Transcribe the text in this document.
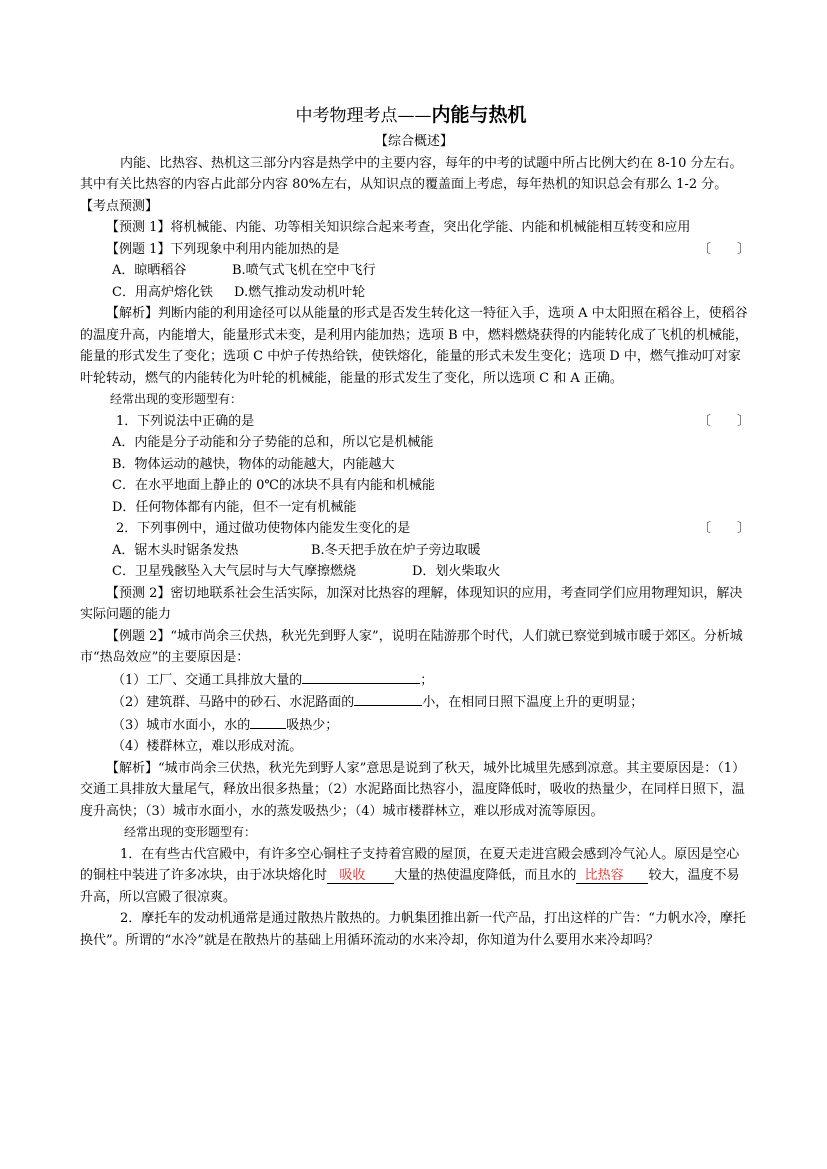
中考物理考点——内能与热机

【综合概述】

内能、比热容、热机这三部分内容是热学中的主要内容，每年的中考的试题中所占比例大约在 8-10 分左右。其中有关比热容的内容占此部分内容 80%左右，从知识点的覆盖面上考虑，每年热机的知识总会有那么 1-2 分。

【考点预测】

【预测 1】将机械能、内能、功等相关知识综合起来考查，突出化学能、内能和机械能相互转变和应用

〔　　〕
【例题 1】下列现象中利用内能加热的是

A．晾晒稻谷	B.喷气式飞机在空中飞行

C．用高炉熔化铁 D.燃气推动发动机叶轮

【解析】判断内能的利用途径可以从能量的形式是否发生转化这一特征入手，选项 A 中太阳照在稻谷上，使稻谷的温度升高，内能增大，能量形式未变，是利用内能加热；选项 B 中，燃料燃烧获得的内能转化成了飞机的机械能，能量的形式发生了变化；选项 C 中炉子传热给铁，使铁熔化，能量的形式未发生变化；选项 D 中，燃气推动叮对家叶轮转动，燃气的内能转化为叶轮的机械能，能量的形式发生了变化，所以选项 C 和 A 正确。

经常出现的变形题型有：

〔　　〕
1．下列说法中正确的是

A．内能是分子动能和分子势能的总和，所以它是机械能

B．物体运动的越快，物体的动能越大，内能越大

C．在水平地面上静止的 0℃的冰块不具有内能和机械能

D．任何物体都有内能，但不一定有机械能

〔　　〕
2．下列事例中，通过做功使物体内能发生变化的是

A．锯木头时锯条发热	B.冬天把手放在炉子旁边取暖

C．卫星残骸坠入大气层时与大气摩擦燃烧	D．划火柴取火

【预测 2】密切地联系社会生活实际，加深对比热容的理解，体现知识的应用，考查同学们应用物理知识，解决实际问题的能力

【例题 2】“城市尚余三伏热，秋光先到野人家”，说明在陆游那个时代，人们就已察觉到城市暖于郊区。分析城市“热岛效应”的主要原因是：

（1）工厂、交通工具排放大量的	；

（2）建筑群、马路中的砂石、水泥路面的	小，在相同日照下温度上升的更明显；

（3）城市水面小，水的	吸热少；

（4）楼群林立，难以形成对流。

【解析】“城市尚余三伏热，秋光先到野人家”意思是说到了秋天，城外比城里先感到凉意。其主要原因是：（1）交通工具排放大量尾气，释放出很多热量；（2）水泥路面比热容小，温度降低时，吸收的热量少，在同样日照下，温度升高快；（3）城市水面小，水的蒸发吸热少；（4）城市楼群林立，难以形成对流等原因。

经常出现的变形题型有：

1．在有些古代宫殿中，有许多空心铜柱子支持着宫殿的屋顶，在夏天走进宫殿会感到冷气沁人。原因是空心的铜柱中装进了许多冰块，由于冰块熔化时 吸收 大量的热使温度降低，而且水的 比热容 较大，温度不易升高，所以宫殿了很凉爽。

2．摩托车的发动机通常是通过散热片散热的。力帆集团推出新一代产品，打出这样的广告：“力帆水冷，摩托换代”。所谓的“水冷”就是在散热片的基础上用循环流动的水来冷却，你知道为什么要用水来冷却吗？
